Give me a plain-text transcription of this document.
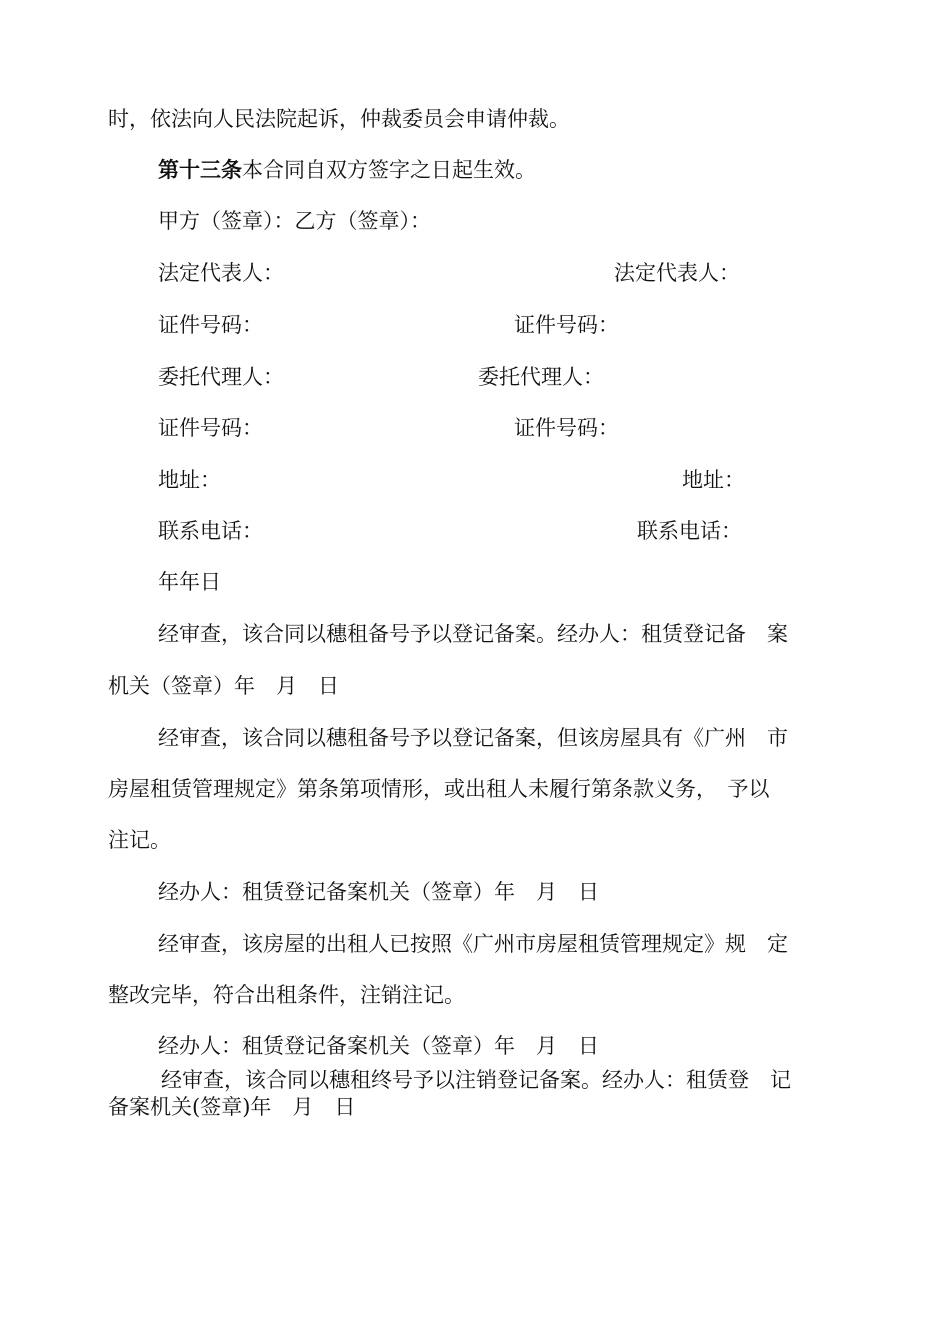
时，依法向人民法院起诉，仲裁委员会申请仲裁。
第十三条本合同自双方签字之日起生效。
甲方（签章）：乙方（签章）：
法定代表人：	法定代表人：
证件号码：	证件号码：
委托代理人：	委托代理人：
证件号码：	证件号码：
地址：	地址：
联系电话：	联系电话：
年年日
经审查，该合同以穗租备号予以登记备案。经办人：租赁登记备　案
机关（签章）年　月　日
经审查，该合同以穗租备号予以登记备案，但该房屋具有《广州　市
房屋租赁管理规定》第条第项情形，或出租人未履行第条款义务，　予以
注记。
经办人：租赁登记备案机关（签章）年　月　日
经审查，该房屋的出租人已按照《广州市房屋租赁管理规定》规　定
整改完毕，符合出租条件，注销注记。
经办人：租赁登记备案机关（签章）年　月　日
经审查，该合同以穗租终号予以注销登记备案。经办人：租赁登　记
备案机关(签章)年　月　日
